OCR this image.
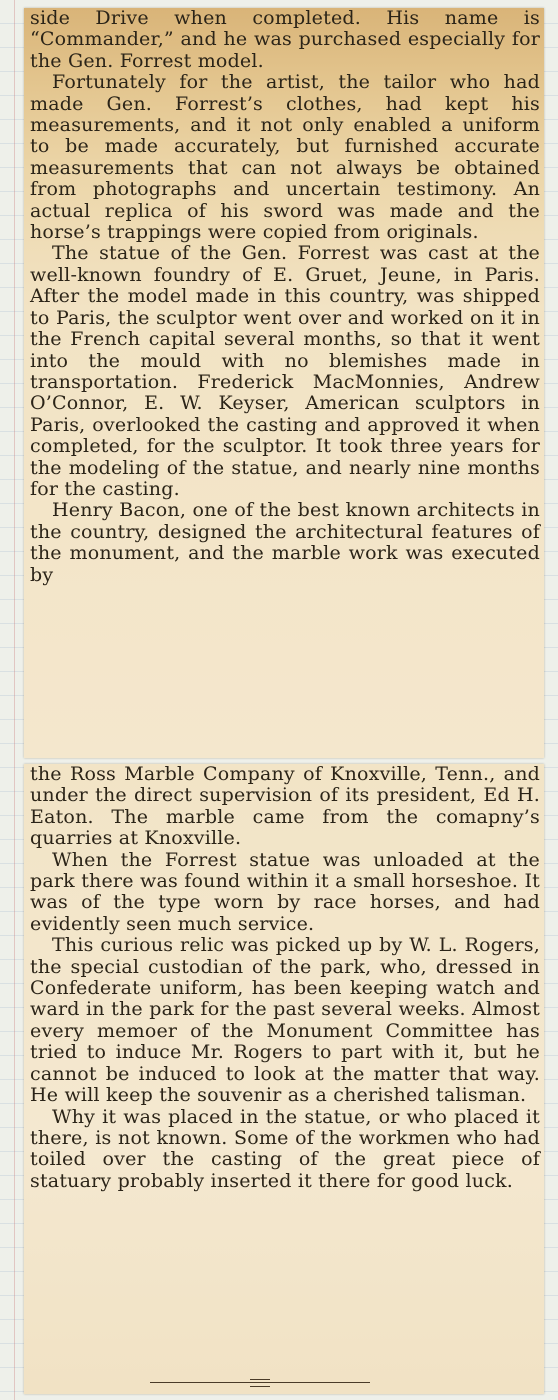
side Drive when completed. His name is “Commander,” and he was purchased especially for the Gen. Forrest model.

Fortunately for the artist, the tailor who had made Gen. Forrest’s clothes, had kept his measurements, and it not only enabled a uniform to be made accurately, but furnished accurate measurements that can not always be obtained from photographs and uncertain testimony. An actual replica of his sword was made and the horse’s trappings were copied from originals.

The statue of the Gen. Forrest was cast at the well-known foundry of E. Gruet, Jeune, in Paris. After the model made in this country, was shipped to Paris, the sculptor went over and worked on it in the French capital several months, so that it went into the mould with no blemishes made in transportation. Frederick MacMonnies, Andrew O’Connor, E. W. Keyser, American sculptors in Paris, overlooked the casting and approved it when completed, for the sculptor. It took three years for the modeling of the statue, and nearly nine months for the casting.

Henry Bacon, one of the best known architects in the country, designed the architectural features of the monument, and the marble work was executed by

the Ross Marble Company of Knoxville, Tenn., and under the direct supervision of its president, Ed H. Eaton. The marble came from the comapny’s quarries at Knoxville.

When the Forrest statue was unloaded at the park there was found within it a small horseshoe. It was of the type worn by race horses, and had evidently seen much service.

This curious relic was picked up by W. L. Rogers, the special custodian of the park, who, dressed in Confederate uniform, has been keeping watch and ward in the park for the past several weeks. Almost every memoer of the Monument Committee has tried to induce Mr. Rogers to part with it, but he cannot be induced to look at the matter that way. He will keep the souvenir as a cherished talisman.

Why it was placed in the statue, or who placed it there, is not known. Some of the workmen who had toiled over the casting of the great piece of statuary probably inserted it there for good luck.
